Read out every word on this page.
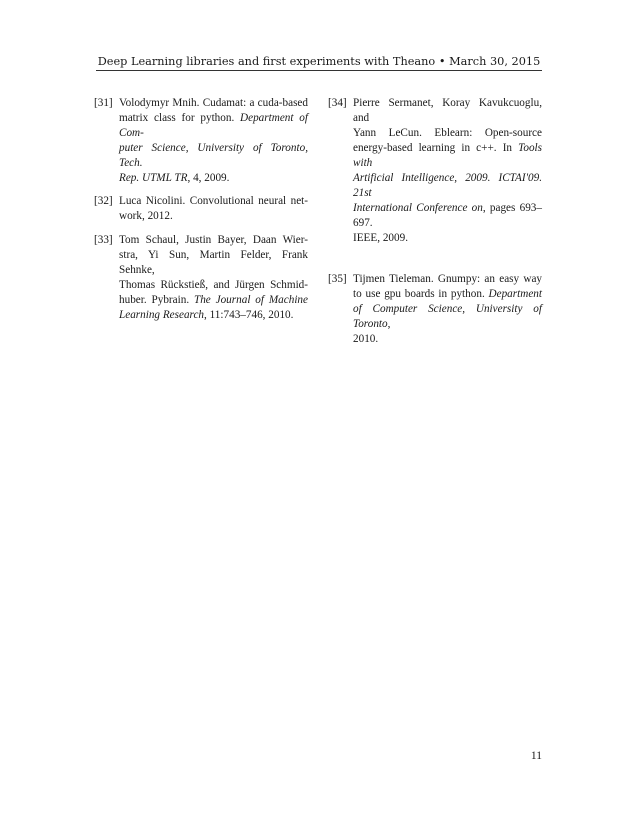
Deep Learning libraries and first experiments with Theano • March 30, 2015
[31] Volodymyr Mnih. Cudamat: a cuda-based
matrix class for python. Department of Com-
puter Science, University of Toronto, Tech.
Rep. UTML TR, 4, 2009.
[32] Luca Nicolini. Convolutional neural net-
work, 2012.
[33] Tom Schaul, Justin Bayer, Daan Wier-
stra, Yi Sun, Martin Felder, Frank Sehnke,
Thomas Rückstieß, and Jürgen Schmid-
huber. Pybrain. The Journal of Machine
Learning Research, 11:743–746, 2010.
[34] Pierre Sermanet, Koray Kavukcuoglu, and
Yann LeCun. Eblearn: Open-source
energy-based learning in c++. In Tools with
Artificial Intelligence, 2009. ICTAI'09. 21st
International Conference on, pages 693–697.
IEEE, 2009.
[35] Tijmen Tieleman. Gnumpy: an easy way
to use gpu boards in python. Department
of Computer Science, University of Toronto,
2010.
11
